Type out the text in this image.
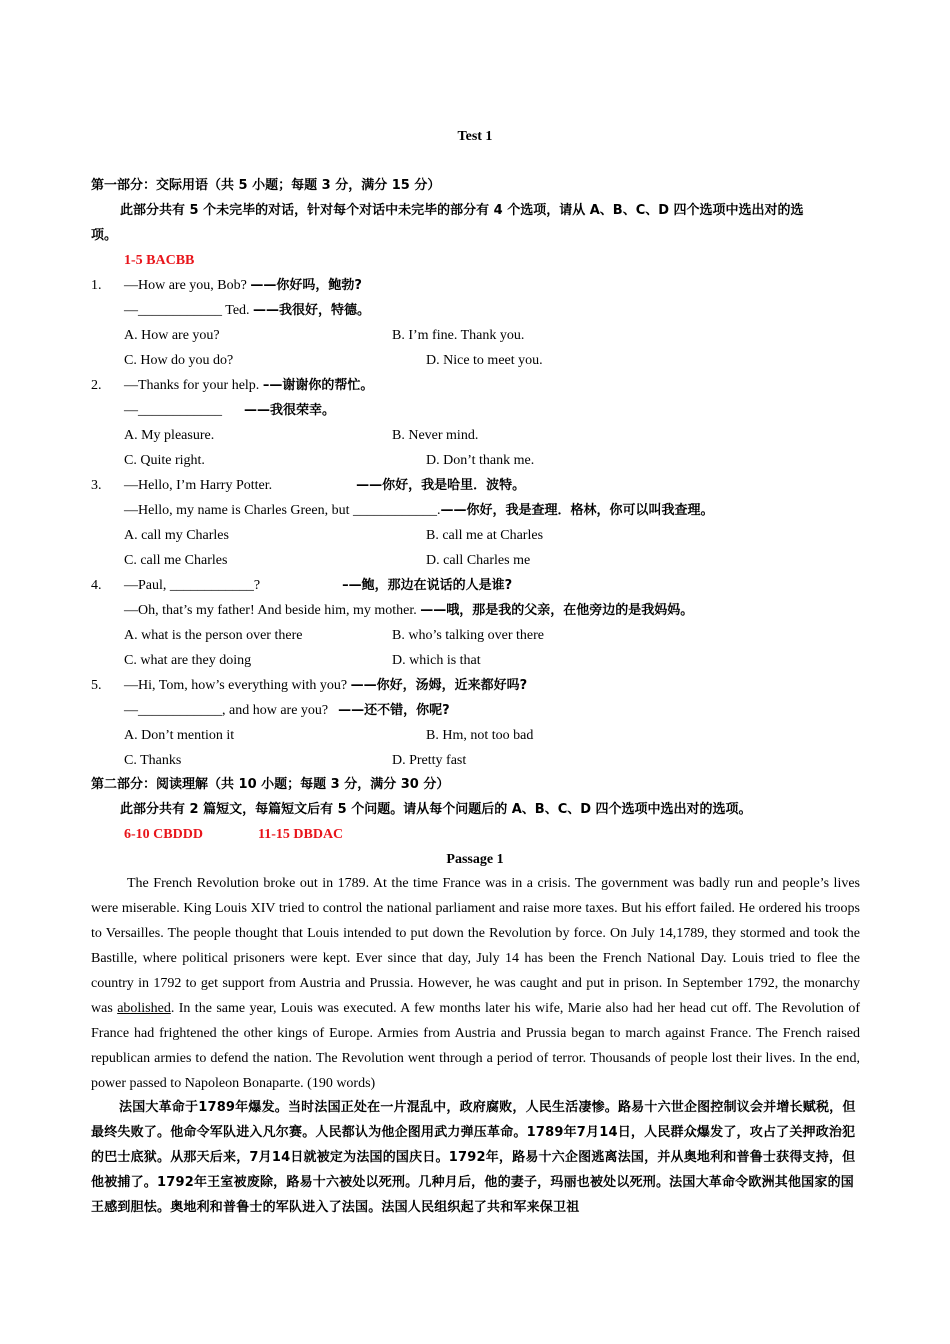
Test 1
第一部分：交际用语（共 5 小题；每题 3 分，满分 15 分）
此部分共有 5 个未完毕的对话，针对每个对话中未完毕的部分有 4 个选项，请从 A、B、C、D 四个选项中选出对的选
项。
1-5 BACBB
1. —How are you, Bob? ——你好吗，鲍勃?
—____________ Ted. ——我很好，特德。
A. How are you?	B. I’m fine. Thank you.
C. How do you do?	D. Nice to meet you.
2. —Thanks for your help. –—谢谢你的帮忙。
—____________ ——我很荣幸。
A. My pleasure.	B. Never mind.
C. Quite right.	D. Don’t thank me.
3. —Hello, I’m Harry Potter.	——你好，我是哈里．波特。
—Hello, my name is Charles Green, but ____________.——你好，我是查理．格林，你可以叫我查理。
A. call my Charles	B. call me at Charles
C. call me Charles	D. call Charles me
4. —Paul, ____________?	–—鲍，那边在说话的人是谁?
—Oh, that’s my father! And beside him, my mother. ——哦，那是我的父亲，在他旁边的是我妈妈。
A. what is the person over there	B. who’s talking over there
C. what are they doing	D. which is that
5. —Hi, Tom, how’s everything with you? ——你好，汤姆，近来都好吗?
—____________, and how are you? ——还不错，你呢?
A. Don’t mention it	B. Hm, not too bad
C. Thanks	D. Pretty fast
第二部分：阅读理解（共 10 小题；每题 3 分，满分 30 分）
此部分共有 2 篇短文，每篇短文后有 5 个问题。请从每个问题后的 A、B、C、D 四个选项中选出对的选项。
6-10 CBDDD	11-15 DBDAC
Passage 1
The French Revolution broke out in 1789. At the time France was in a crisis. The government was badly run and people’s lives were miserable. King Louis XIV tried to control the national parliament and raise more taxes. But his effort failed. He ordered his troops to Versailles. The people thought that Louis intended to put down the Revolution by force. On July 14,1789, they stormed and took the Bastille, where political prisoners were kept. Ever since that day, July 14 has been the French National Day. Louis tried to flee the country in 1792 to get support from Austria and Prussia. However, he was caught and put in prison. In September 1792, the monarchy was abolished. In the same year, Louis was executed. A few months later his wife, Marie also had her head cut off. The Revolution of France had frightened the other kings of Europe. Armies from Austria and Prussia began to march against France. The French raised republican armies to defend the nation. The Revolution went through a period of terror. Thousands of people lost their lives. In the end, power passed to Napoleon Bonaparte. (190 words)
法国大革命于1789年爆发。当时法国正处在一片混乱中，政府腐败，人民生活凄惨。路易十六世企图控制议会并增长赋税，但最终失败了。他命令军队进入凡尔赛。人民都认为他企图用武力弹压革命。1789年7月14日，人民群众爆发了，攻占了关押政治犯的巴士底狱。从那天后来，7月14日就被定为法国的国庆日。1792年，路易十六企图逃离法国，并从奥地利和普鲁士获得支持，但他被捕了。1792年王室被废除，路易十六被处以死刑。几种月后，他的妻子，玛丽也被处以死刑。法国大革命令欧洲其他国家的国王感到胆怯。奥地利和普鲁士的军队进入了法国。法国人民组织起了共和军来保卫祖
